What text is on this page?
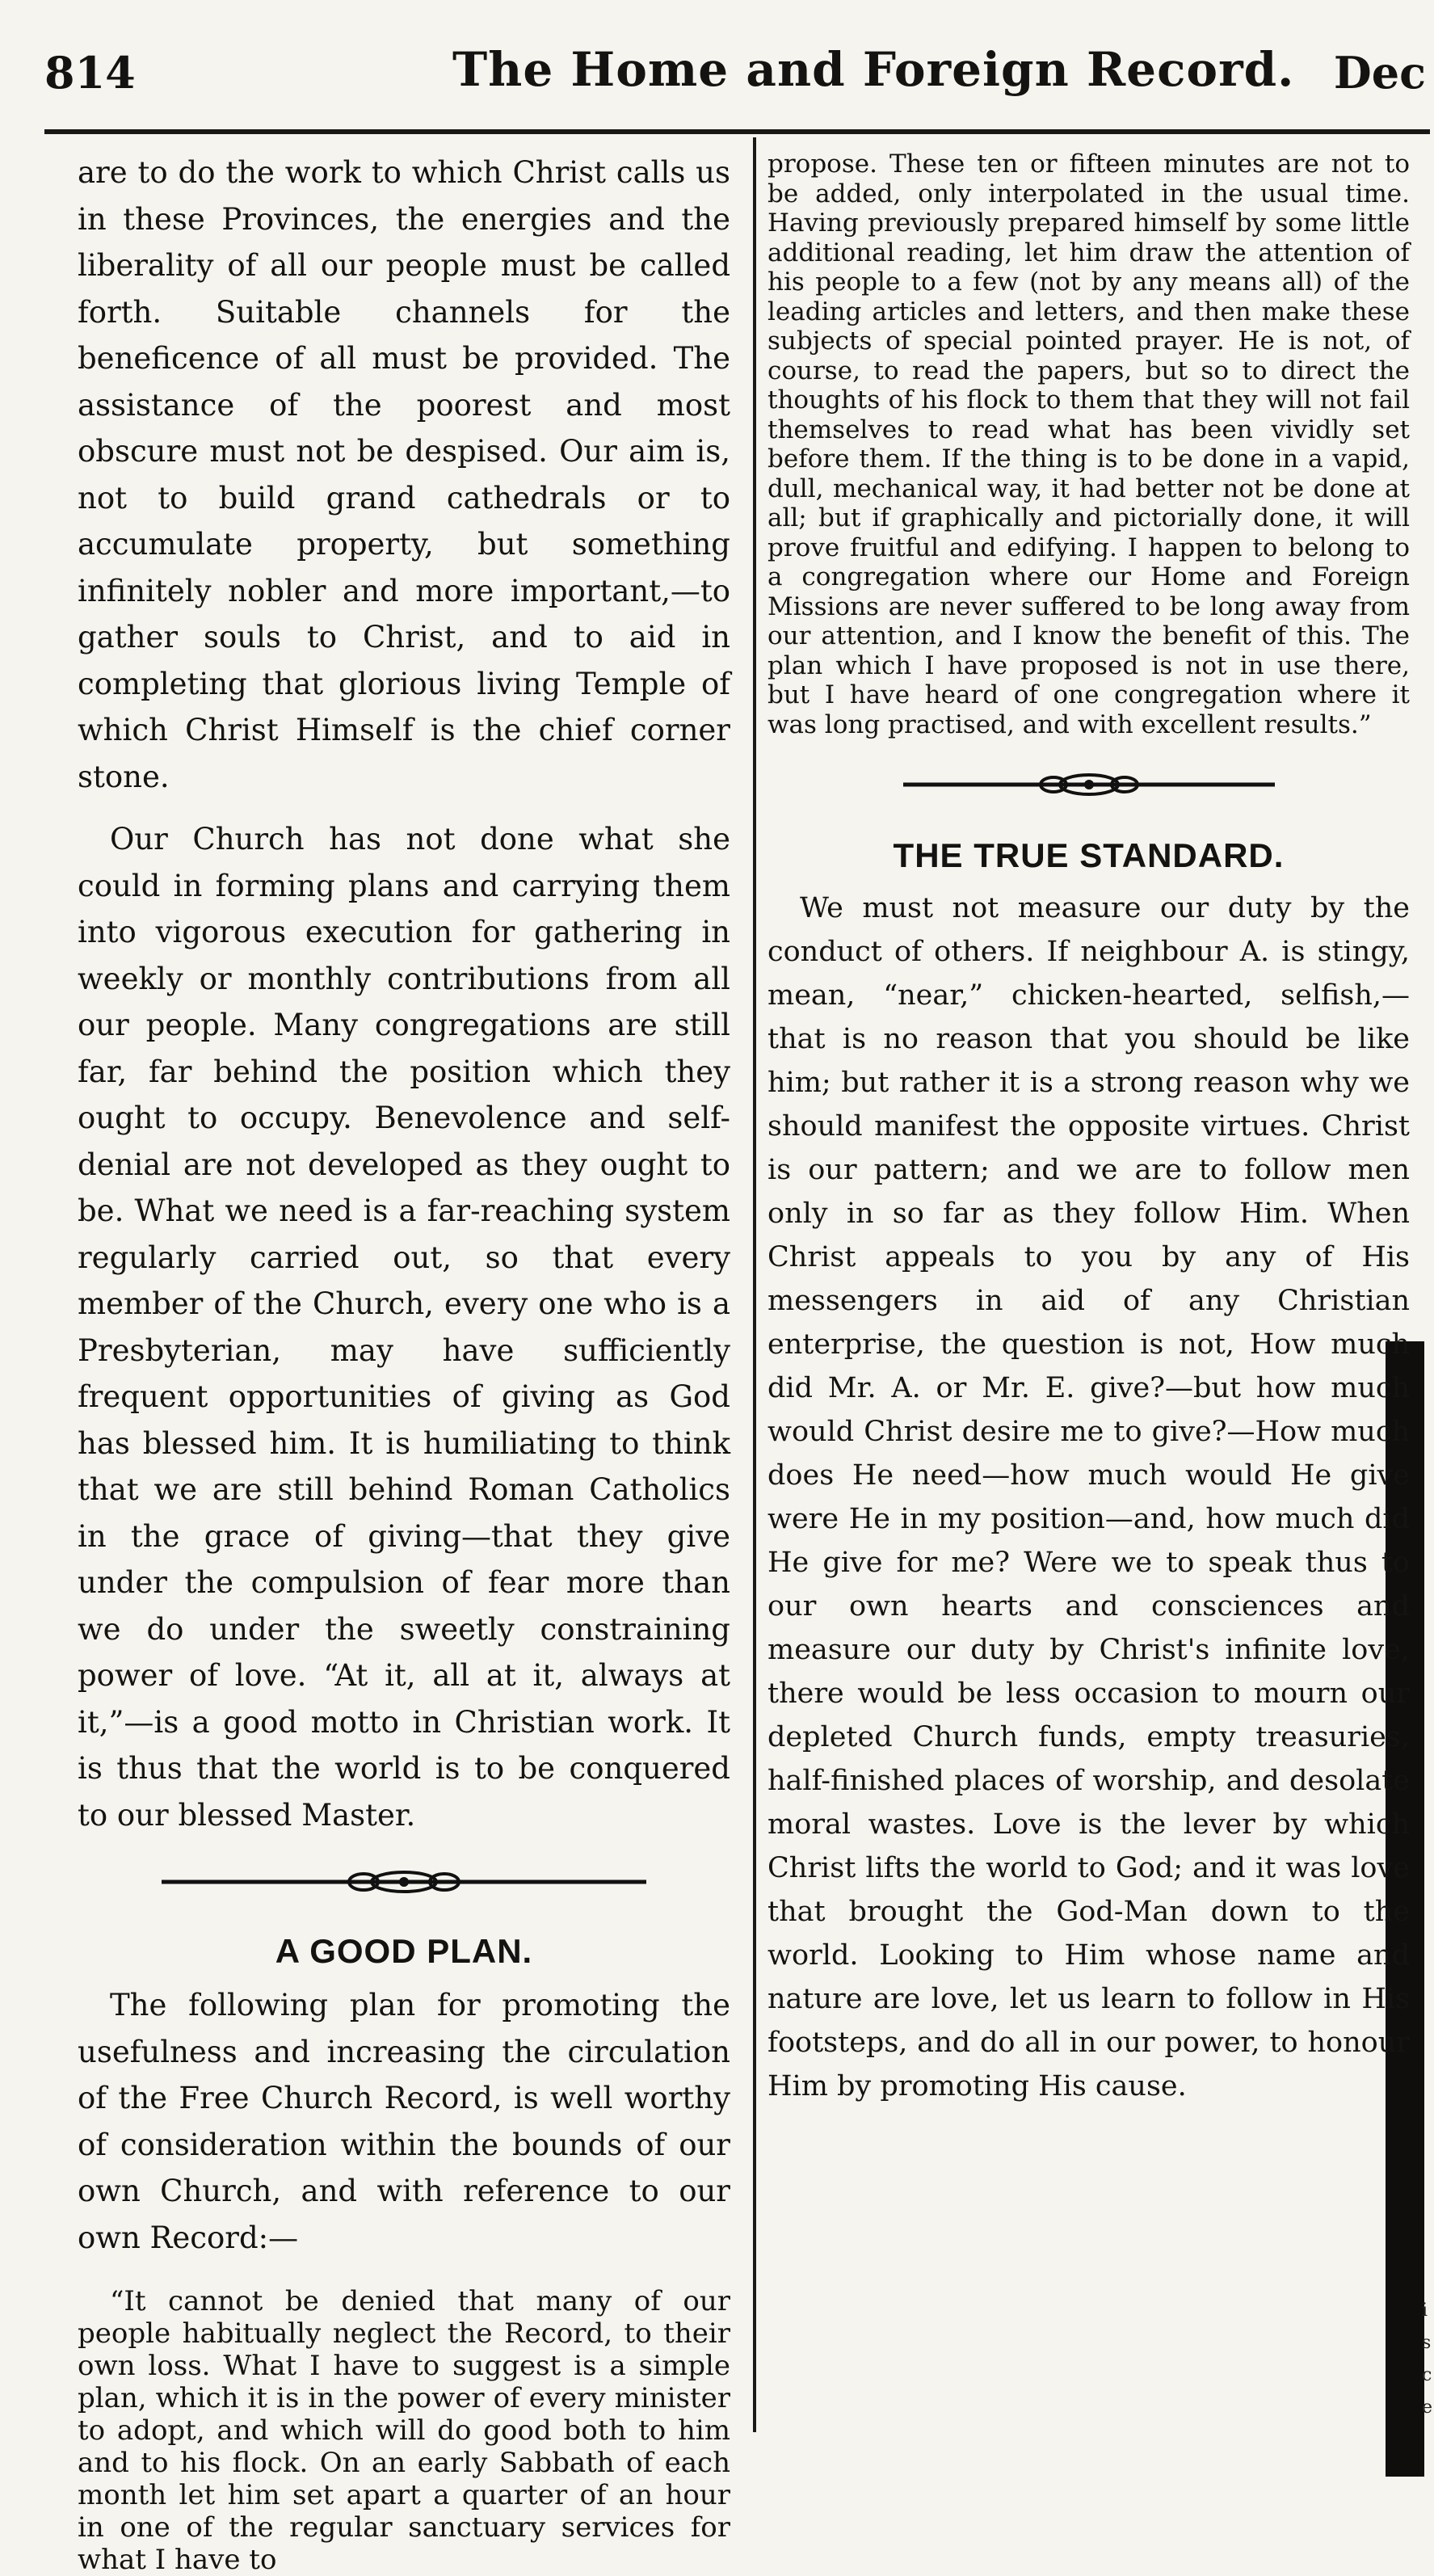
814	The Home and Foreign Record. Dec
i
s
c
e

are to do the work to which Christ calls us in these Provinces, the energies and the liberality of all our people must be called forth. Suitable channels for the beneficence of all must be provided. The assistance of the poorest and most obscure must not be despised. Our aim is, not to build grand cathedrals or to accumulate property, but something infinitely nobler and more important,—to gather souls to Christ, and to aid in completing that glorious living Temple of which Christ Himself is the chief corner stone.

Our Church has not done what she could in forming plans and carrying them into vigorous execution for gathering in weekly or monthly contributions from all our people. Many congregations are still far, far behind the position which they ought to occupy. Benevolence and self-denial are not developed as they ought to be. What we need is a far-reaching system regularly carried out, so that every member of the Church, every one who is a Presbyterian, may have sufficiently frequent opportunities of giving as God has blessed him. It is humiliating to think that we are still behind Roman Catholics in the grace of giving—that they give under the compulsion of fear more than we do under the sweetly constraining power of love. “At it, all at it, always at it,”—is a good motto in Christian work. It is thus that the world is to be conquered to our blessed Master.

A GOOD PLAN.

The following plan for promoting the usefulness and increasing the circulation of the Free Church Record, is well worthy of consideration within the bounds of our own Church, and with reference to our own Record:—

“It cannot be denied that many of our people habitually neglect the Record, to their own loss. What I have to suggest is a simple plan, which it is in the power of every minister to adopt, and which will do good both to him and to his flock. On an early Sabbath of each month let him set apart a quarter of an hour in one of the regular sanctuary services for what I have to

propose. These ten or fifteen minutes are not to be added, only interpolated in the usual time. Having previously prepared himself by some little additional reading, let him draw the attention of his people to a few (not by any means all) of the leading articles and letters, and then make these subjects of special pointed prayer. He is not, of course, to read the papers, but so to direct the thoughts of his flock to them that they will not fail themselves to read what has been vividly set before them. If the thing is to be done in a vapid, dull, mechanical way, it had better not be done at all; but if graphically and pictorially done, it will prove fruitful and edifying. I happen to belong to a congregation where our Home and Foreign Missions are never suffered to be long away from our attention, and I know the benefit of this. The plan which I have proposed is not in use there, but I have heard of one congregation where it was long practised, and with excellent results.”

THE TRUE STANDARD.

We must not measure our duty by the conduct of others. If neighbour A. is stingy, mean, “near,” chicken-hearted, selfish,—that is no reason that you should be like him; but rather it is a strong reason why we should manifest the opposite virtues. Christ is our pattern; and we are to follow men only in so far as they follow Him. When Christ appeals to you by any of His messengers in aid of any Christian enterprise, the question is not, How much did Mr. A. or Mr. E. give?—but how much would Christ desire me to give?—How much does He need—how much would He give were He in my position—and, how much did He give for me? Were we to speak thus to our own hearts and consciences and measure our duty by Christ's infinite love, there would be less occasion to mourn our depleted Church funds, empty treasuries, half-finished places of worship, and desolate moral wastes. Love is the lever by which Christ lifts the world to God; and it was love that brought the God-Man down to the world. Looking to Him whose name and nature are love, let us learn to follow in His footsteps, and do all in our power, to honour Him by promoting His cause.
